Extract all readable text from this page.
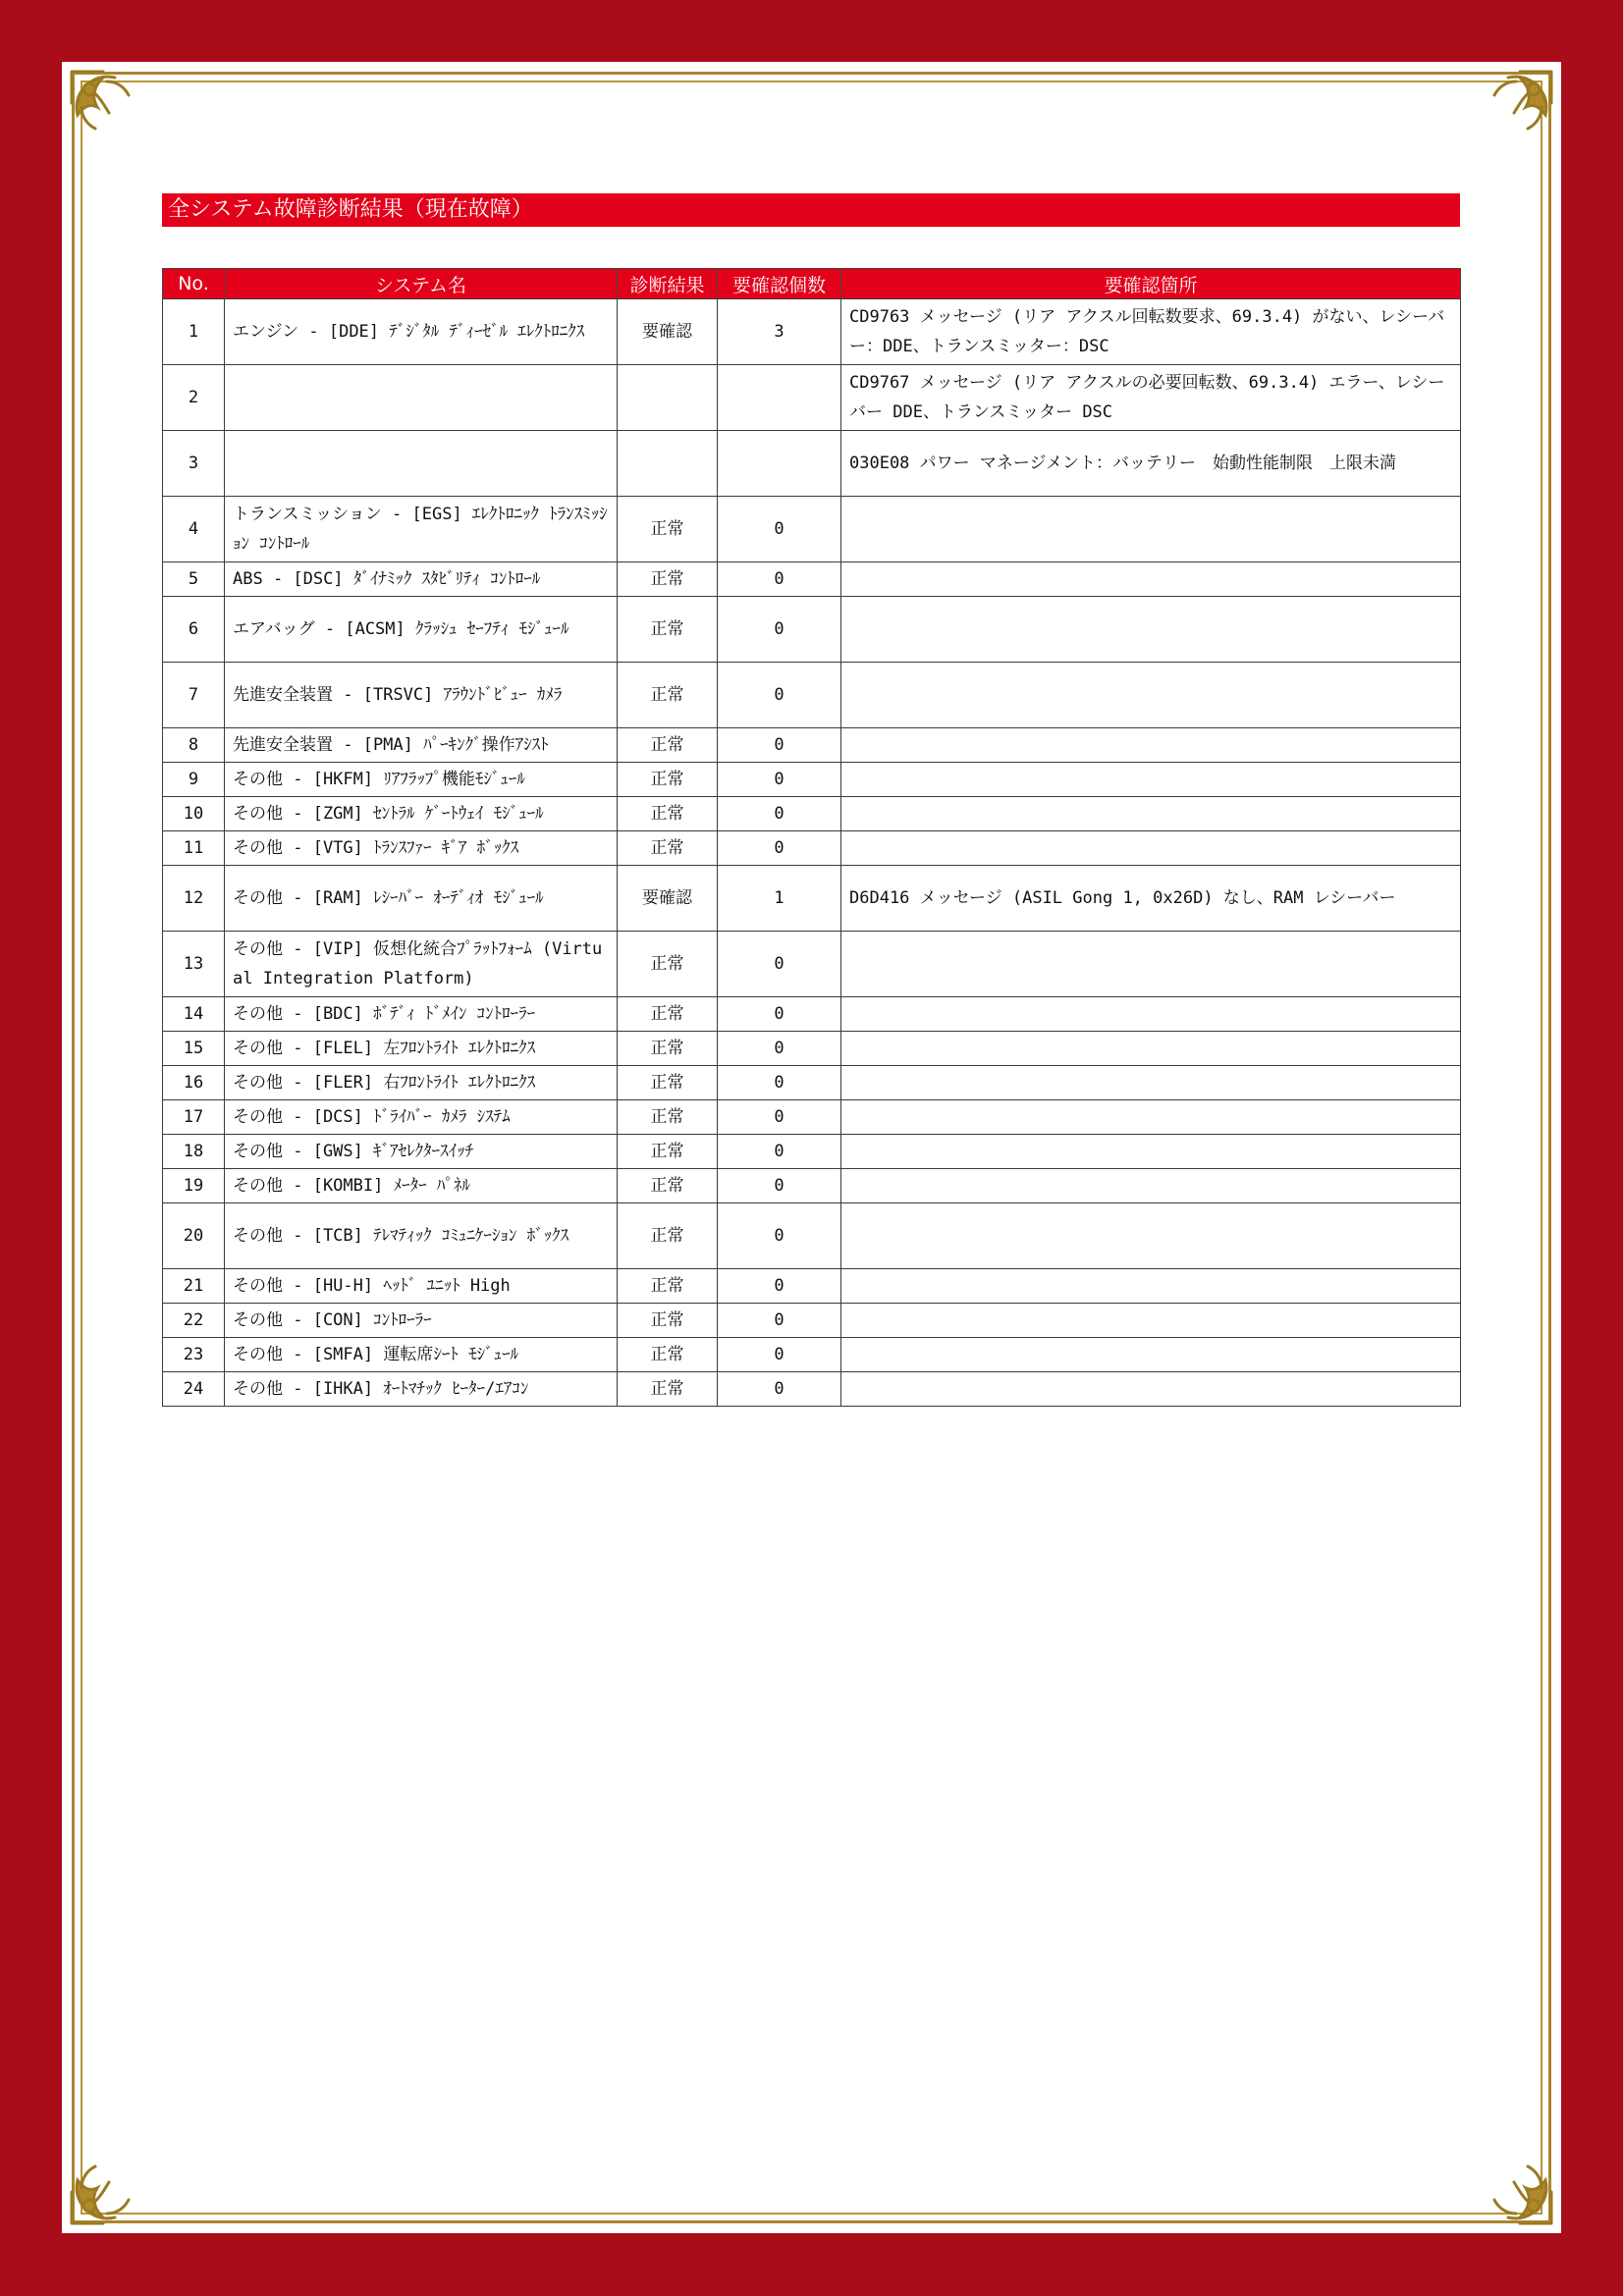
全システム故障診断結果（現在故障）
No.	システム名	診断結果	要確認個数	要確認箇所
1	エンジン - [DDE] ﾃﾞｼﾞﾀﾙ ﾃﾞｨｰｾﾞﾙ ｴﾚｸﾄﾛﾆｸｽ	要確認	3	CD9763 メッセージ (リア アクスル回転数要求、69.3.4) がない、レシーバー：DDE、トランスミッター：DSC
2				CD9767 メッセージ (リア アクスルの必要回転数、69.3.4) エラー、レシーバー DDE、トランスミッター DSC
3				030E08 パワー マネージメント：バッテリー　始動性能制限　上限未満
4	トランスミッション - [EGS] ｴﾚｸﾄﾛﾆｯｸ ﾄﾗﾝｽﾐｯｼｮﾝ ｺﾝﾄﾛｰﾙ	正常	0	
5	ABS - [DSC] ﾀﾞｲﾅﾐｯｸ ｽﾀﾋﾞﾘﾃｨ ｺﾝﾄﾛｰﾙ	正常	0	
6	エアバッグ - [ACSM] ｸﾗｯｼｭ ｾｰﾌﾃｨ ﾓｼﾞｭｰﾙ	正常	0	
7	先進安全装置 - [TRSVC] ｱﾗｳﾝﾄﾞﾋﾞｭｰ ｶﾒﾗ	正常	0	
8	先進安全装置 - [PMA] ﾊﾟｰｷﾝｸﾞ操作ｱｼｽﾄ	正常	0	
9	その他 - [HKFM] ﾘｱﾌﾗｯﾌﾟ機能ﾓｼﾞｭｰﾙ	正常	0	
10	その他 - [ZGM] ｾﾝﾄﾗﾙ ｹﾞｰﾄｳｪｲ ﾓｼﾞｭｰﾙ	正常	0	
11	その他 - [VTG] ﾄﾗﾝｽﾌｧｰ ｷﾞｱ ﾎﾞｯｸｽ	正常	0	
12	その他 - [RAM] ﾚｼｰﾊﾞｰ ｵｰﾃﾞｨｵ ﾓｼﾞｭｰﾙ	要確認	1	D6D416 メッセージ (ASIL Gong 1, 0x26D) なし、RAM レシーバー
13	その他 - [VIP] 仮想化統合ﾌﾟﾗｯﾄﾌｫｰﾑ (Virtual Integration Platform)	正常	0	
14	その他 - [BDC] ﾎﾞﾃﾞｨ ﾄﾞﾒｲﾝ ｺﾝﾄﾛｰﾗｰ	正常	0	
15	その他 - [FLEL] 左ﾌﾛﾝﾄﾗｲﾄ ｴﾚｸﾄﾛﾆｸｽ	正常	0	
16	その他 - [FLER] 右ﾌﾛﾝﾄﾗｲﾄ ｴﾚｸﾄﾛﾆｸｽ	正常	0	
17	その他 - [DCS] ﾄﾞﾗｲﾊﾞｰ ｶﾒﾗ ｼｽﾃﾑ	正常	0	
18	その他 - [GWS] ｷﾞｱｾﾚｸﾀｰｽｲｯﾁ	正常	0	
19	その他 - [KOMBI] ﾒｰﾀｰ ﾊﾟﾈﾙ	正常	0	
20	その他 - [TCB] ﾃﾚﾏﾃｨｯｸ ｺﾐｭﾆｹｰｼｮﾝ ﾎﾞｯｸｽ	正常	0	
21	その他 - [HU-H] ﾍｯﾄﾞ ﾕﾆｯﾄ High	正常	0	
22	その他 - [CON] ｺﾝﾄﾛｰﾗｰ	正常	0	
23	その他 - [SMFA] 運転席ｼｰﾄ ﾓｼﾞｭｰﾙ	正常	0	
24	その他 - [IHKA] ｵｰﾄﾏﾁｯｸ ﾋｰﾀｰ/ｴｱｺﾝ	正常	0	
